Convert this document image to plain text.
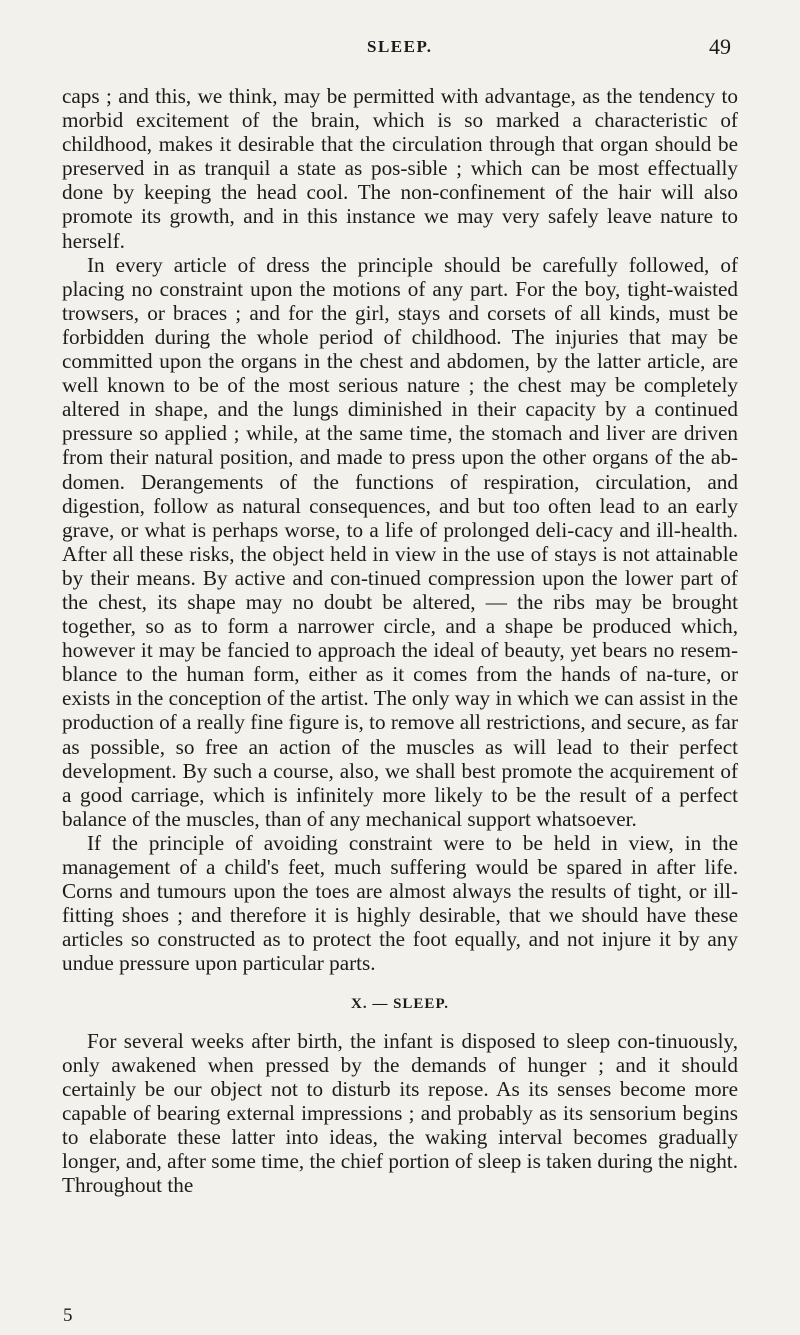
SLEEP.	49

caps ; and this, we think, may be permitted with advantage, as the tendency to morbid excitement of the brain, which is so marked a characteristic of childhood, makes it desirable that the circulation through that organ should be preserved in as tranquil a state as pos-sible ; which can be most effectually done by keeping the head cool. The non-confinement of the hair will also promote its growth, and in this instance we may very safely leave nature to herself.

In every article of dress the principle should be carefully followed, of placing no constraint upon the motions of any part. For the boy, tight-waisted trowsers, or braces ; and for the girl, stays and corsets of all kinds, must be forbidden during the whole period of childhood. The injuries that may be committed upon the organs in the chest and abdomen, by the latter article, are well known to be of the most serious nature ; the chest may be completely altered in shape, and the lungs diminished in their capacity by a continued pressure so applied ; while, at the same time, the stomach and liver are driven from their natural position, and made to press upon the other organs of the ab-domen. Derangements of the functions of respiration, circulation, and digestion, follow as natural consequences, and but too often lead to an early grave, or what is perhaps worse, to a life of prolonged deli-cacy and ill-health. After all these risks, the object held in view in the use of stays is not attainable by their means. By active and con-tinued compression upon the lower part of the chest, its shape may no doubt be altered, — the ribs may be brought together, so as to form a narrower circle, and a shape be produced which, however it may be fancied to approach the ideal of beauty, yet bears no resem-blance to the human form, either as it comes from the hands of na-ture, or exists in the conception of the artist. The only way in which we can assist in the production of a really fine figure is, to remove all restrictions, and secure, as far as possible, so free an action of the muscles as will lead to their perfect development. By such a course, also, we shall best promote the acquirement of a good carriage, which is infinitely more likely to be the result of a perfect balance of the muscles, than of any mechanical support whatsoever.

If the principle of avoiding constraint were to be held in view, in the management of a child's feet, much suffering would be spared in after life. Corns and tumours upon the toes are almost always the results of tight, or ill-fitting shoes ; and therefore it is highly desirable, that we should have these articles so constructed as to protect the foot equally, and not injure it by any undue pressure upon particular parts.

X. — SLEEP.

For several weeks after birth, the infant is disposed to sleep con-tinuously, only awakened when pressed by the demands of hunger ; and it should certainly be our object not to disturb its repose. As its senses become more capable of bearing external impressions ; and probably as its sensorium begins to elaborate these latter into ideas, the waking interval becomes gradually longer, and, after some time, the chief portion of sleep is taken during the night. Throughout the

5
